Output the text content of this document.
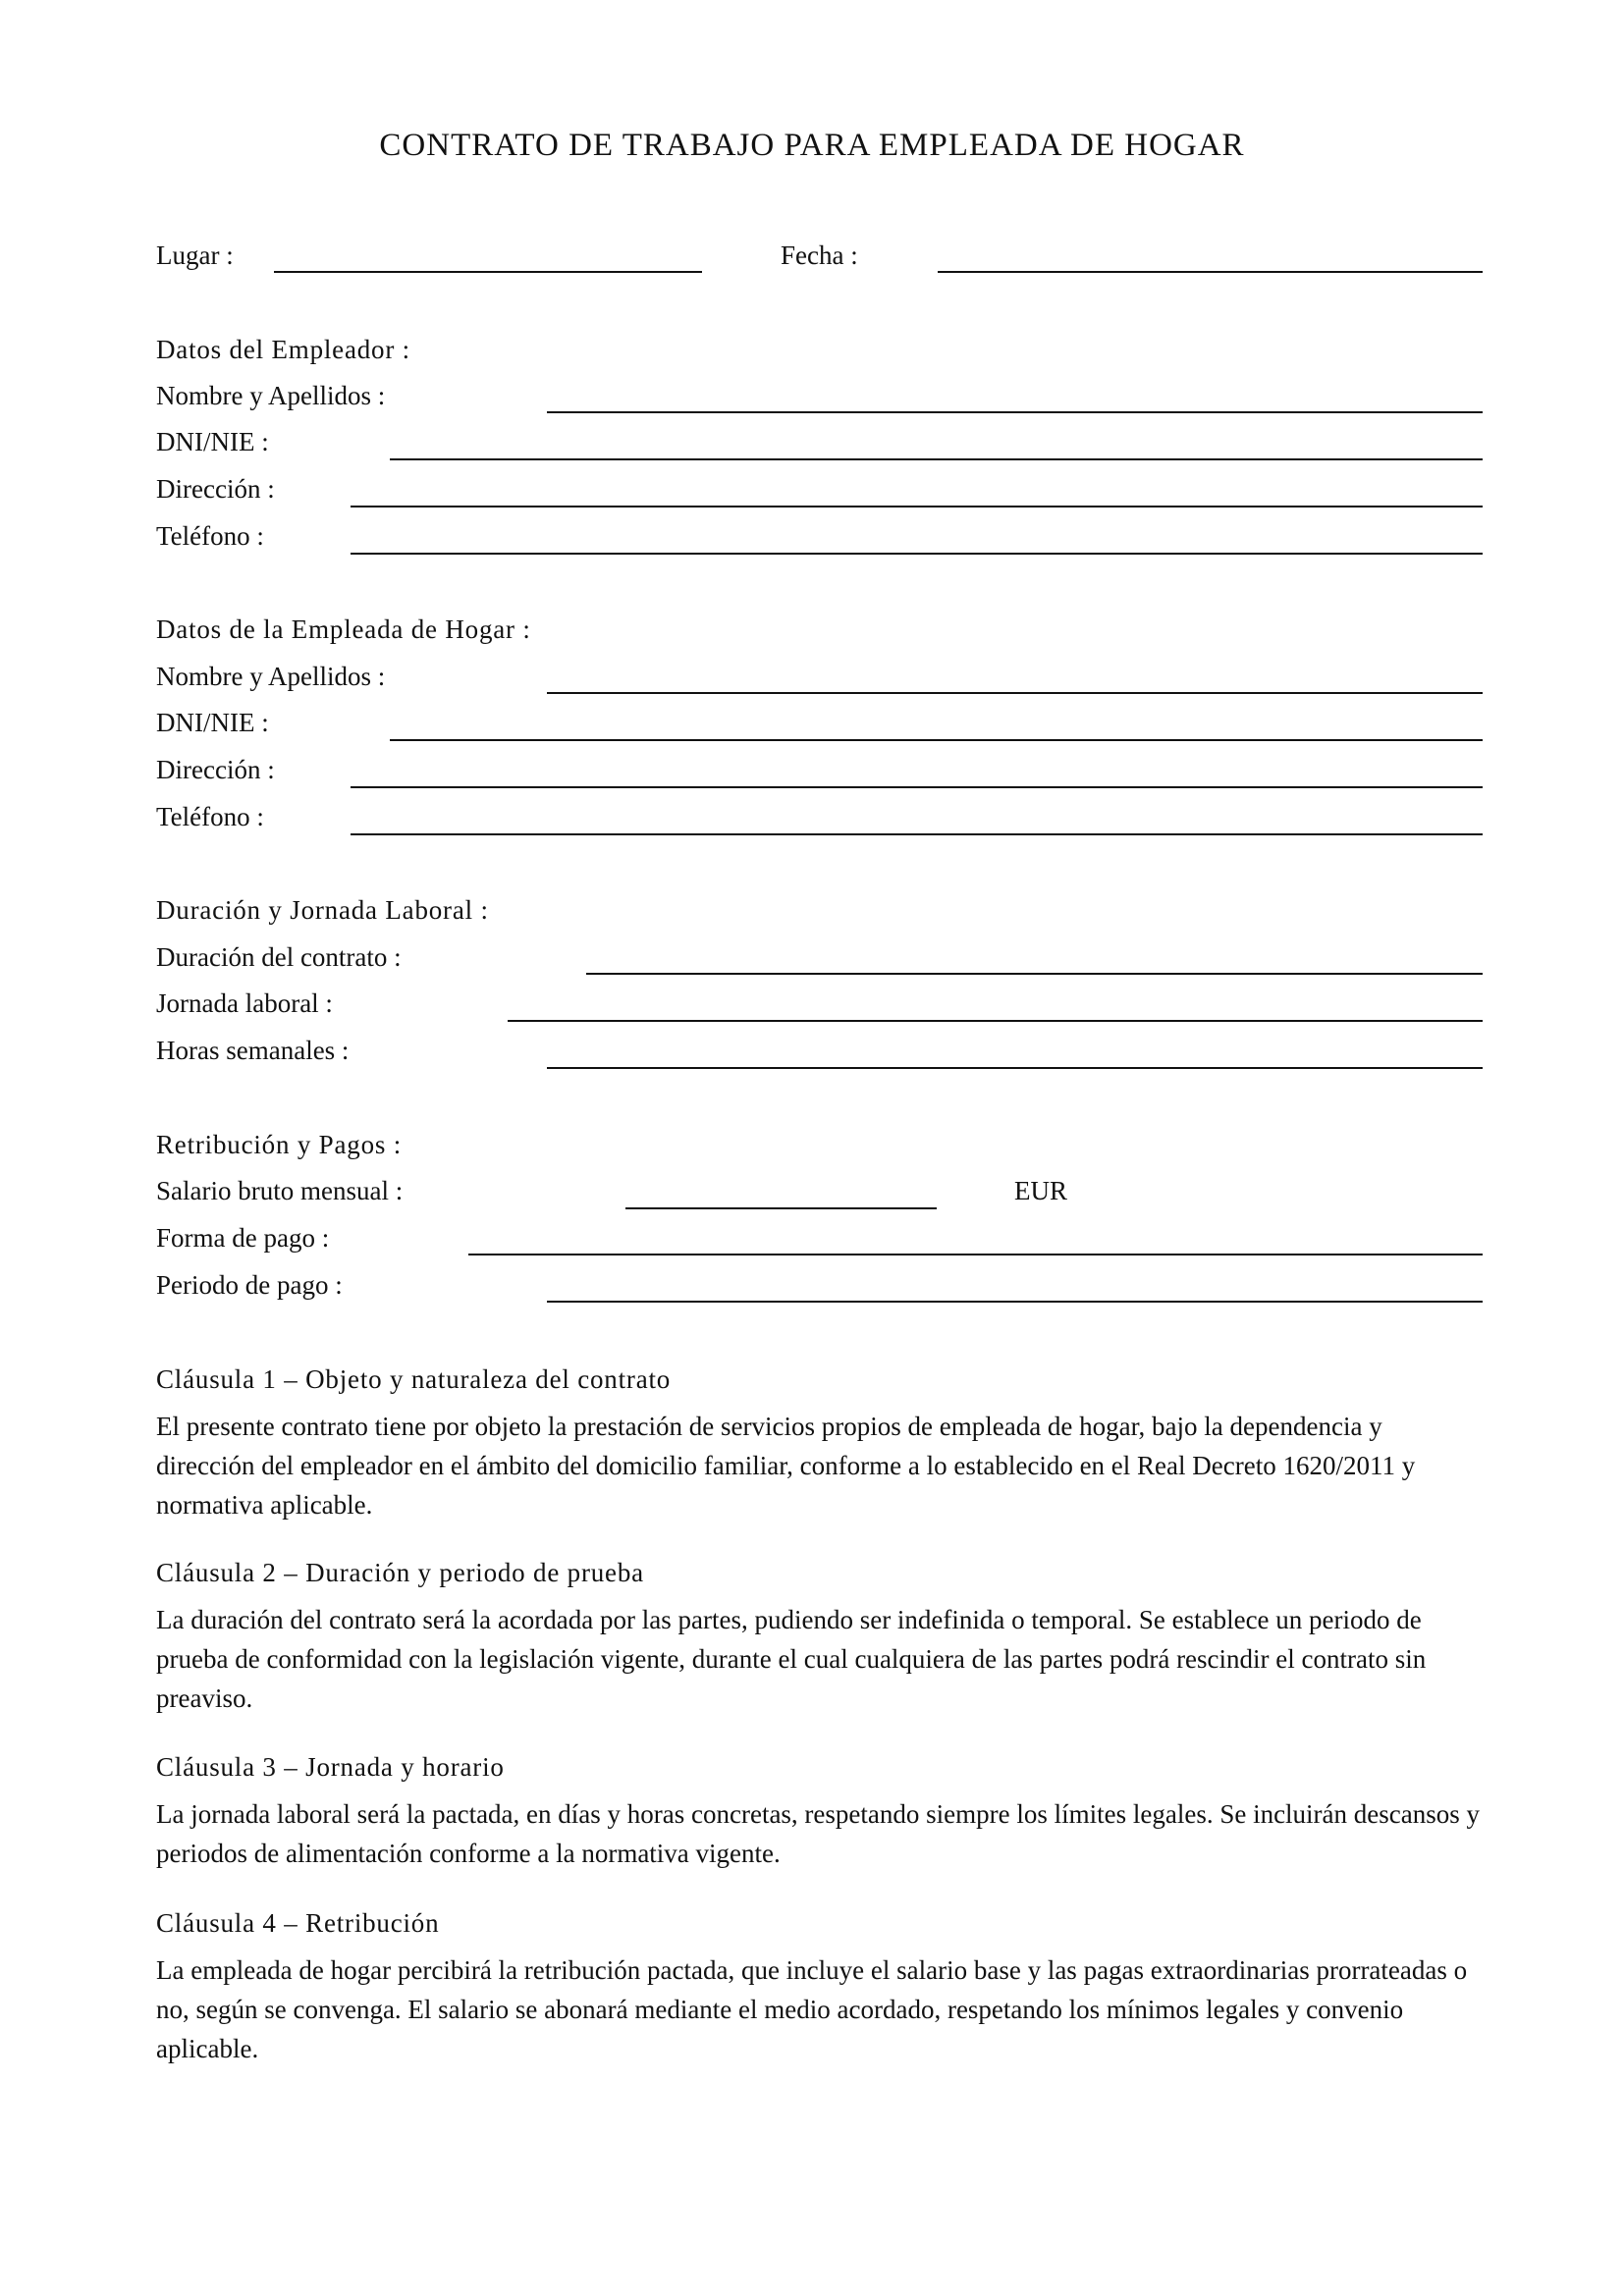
CONTRATO DE TRABAJO PARA EMPLEADA DE HOGAR
Lugar :	Fecha :
Datos del Empleador :
Nombre y Apellidos :
DNI/NIE :
Dirección :
Teléfono :
Datos de la Empleada de Hogar :
Nombre y Apellidos :
DNI/NIE :
Dirección :
Teléfono :
Duración y Jornada Laboral :
Duración del contrato :
Jornada laboral :
Horas semanales :
Retribución y Pagos :
Salario bruto mensual :	EUR
Forma de pago :
Periodo de pago :
Cláusula 1 – Objeto y naturaleza del contrato
El presente contrato tiene por objeto la prestación de servicios propios de empleada de hogar, bajo la dependencia y dirección del empleador en el ámbito del domicilio familiar, conforme a lo establecido en el Real Decreto 1620/2011 y normativa aplicable.
Cláusula 2 – Duración y periodo de prueba
La duración del contrato será la acordada por las partes, pudiendo ser indefinida o temporal. Se establece un periodo de prueba de conformidad con la legislación vigente, durante el cual cualquiera de las partes podrá rescindir el contrato sin preaviso.
Cláusula 3 – Jornada y horario
La jornada laboral será la pactada, en días y horas concretas, respetando siempre los límites legales. Se incluirán descansos y periodos de alimentación conforme a la normativa vigente.
Cláusula 4 – Retribución
La empleada de hogar percibirá la retribución pactada, que incluye el salario base y las pagas extraordinarias prorrateadas o no, según se convenga. El salario se abonará mediante el medio acordado, respetando los mínimos legales y convenio aplicable.
